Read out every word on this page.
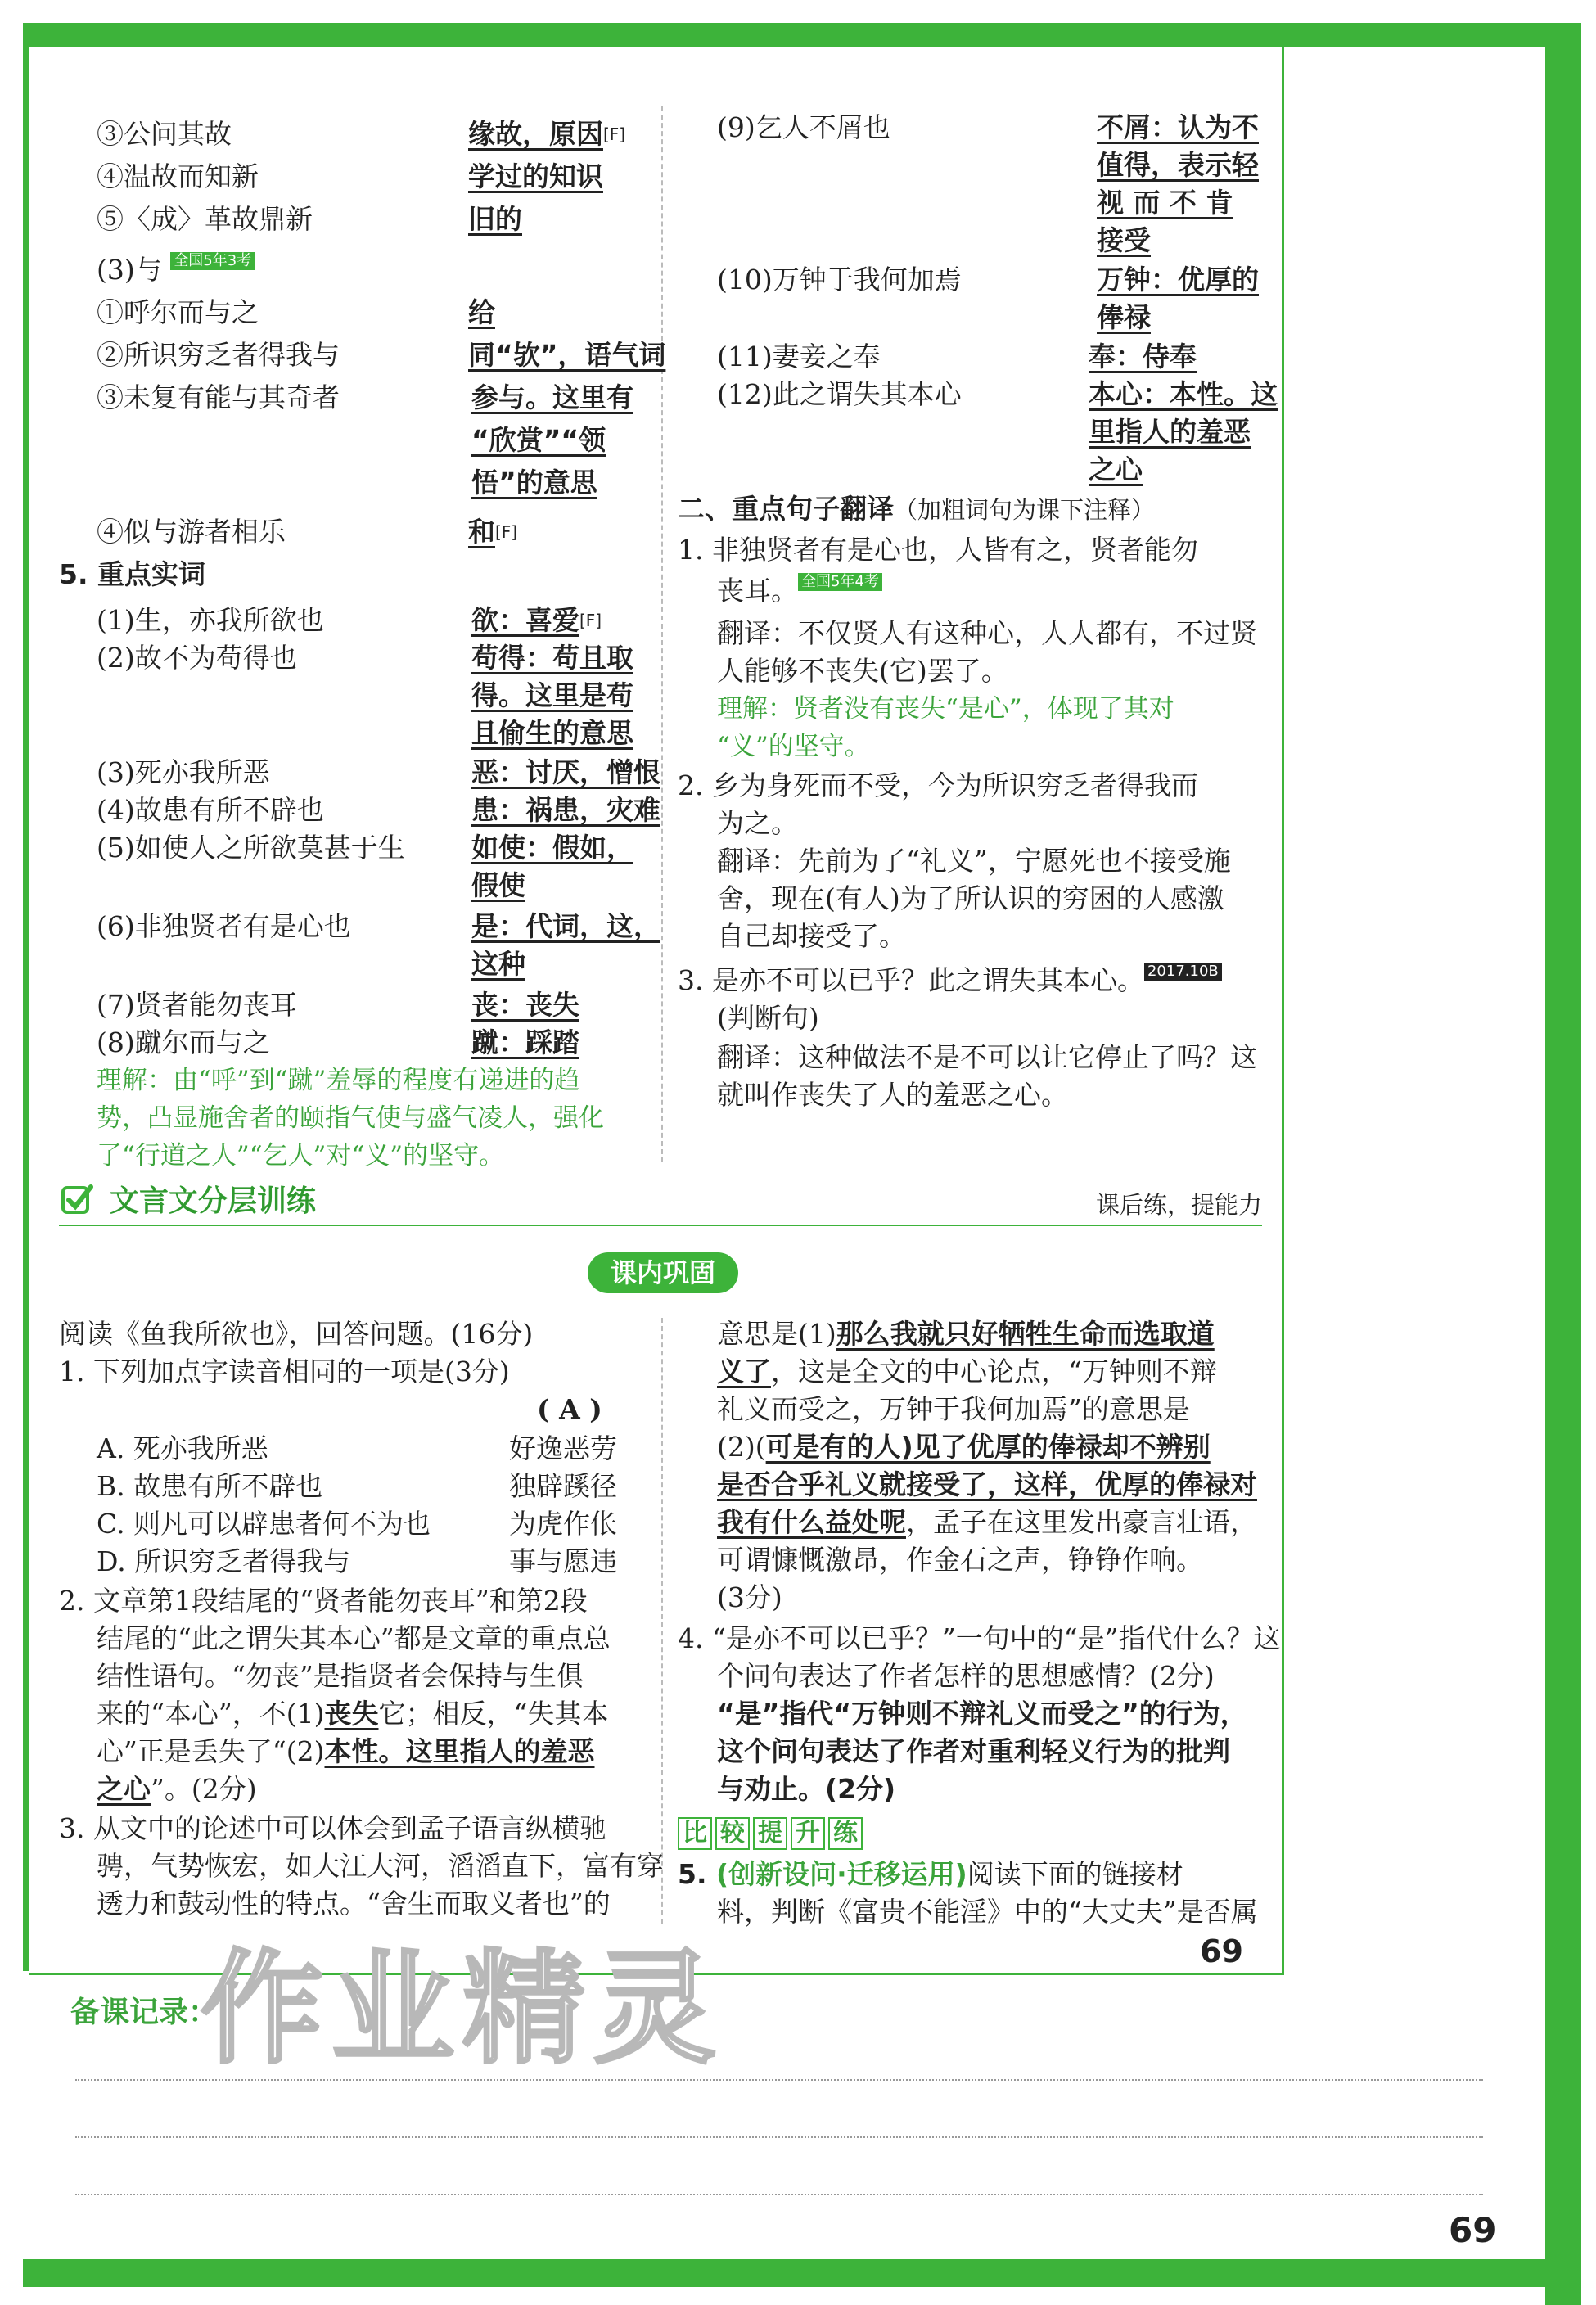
③公问其故	缘故，原因[F]
④温故而知新	学过的知识
⑤〈成〉革故鼎新	旧的
(3)与 全国5年3考
①呼尔而与之	给
②所识穷乏者得我与	同“欤”，语气词
③未复有能与其奇者	参与。这里有
“欣赏”“领
悟”的意思
④似与游者相乐	和[F]
5. 重点实词
(1)生，亦我所欲也	欲：喜爱[F]
(2)故不为苟得也	苟得：苟且取
得。这里是苟
且偷生的意思
(3)死亦我所恶	恶：讨厌，憎恨
(4)故患有所不辟也	患：祸患，灾难
(5)如使人之所欲莫甚于生 如使：假如，
假使
(6)非独贤者有是心也	是：代词，这，
这种
(7)贤者能勿丧耳	丧：丧失
(8)蹴尔而与之	蹴：踩踏
理解：由“呼”到“蹴”羞辱的程度有递进的趋
势，凸显施舍者的颐指气使与盛气凌人，强化
了“行道之人”“乞人”对“义”的坚守。
(9)乞人不屑也	不屑：认为不
值得，表示轻
视 而 不 肯
接受
(10)万钟于我何加焉	万钟：优厚的
俸禄
(11)妻妾之奉	奉：侍奉
(12)此之谓失其本心	本心：本性。这
里指人的羞恶
之心
二、重点句子翻译（加粗词句为课下注释）
1. 非独贤者有是心也，人皆有之，贤者能勿
丧耳。 全国5年4考
翻译：不仅贤人有这种心，人人都有，不过贤
人能够不丧失(它)罢了。
理解：贤者没有丧失“是心”，体现了其对
“义”的坚守。
2. 乡为身死而不受，今为所识穷乏者得我而
为之。
翻译：先前为了“礼义”，宁愿死也不接受施
舍，现在(有人)为了所认识的穷困的人感激
自己却接受了。
3. 是亦不可以已乎？此之谓失其本心。 2017.10B
(判断句)
翻译：这种做法不是不可以让它停止了吗？这
就叫作丧失了人的羞恶之心。
文言文分层训练	课后练，提能力
课内巩固
阅读《鱼我所欲也》，回答问题。(16分)
1. 下列加点字读音相同的一项是(3分)
( A )
A. 死亦我所恶	好逸恶劳
B. 故患有所不辟也	独辟蹊径
C. 则凡可以辟患者何不为也	为虎作伥
D. 所识穷乏者得我与	事与愿违
2. 文章第1段结尾的“贤者能勿丧耳”和第2段
结尾的“此之谓失其本心”都是文章的重点总
结性语句。“勿丧”是指贤者会保持与生俱
来的“本心”，不(1)丧失它；相反，“失其本
心”正是丢失了“(2)本性。这里指人的羞恶
之心”。(2分)
3. 从文中的论述中可以体会到孟子语言纵横驰
骋，气势恢宏，如大江大河，滔滔直下，富有穿
透力和鼓动性的特点。“舍生而取义者也”的
意思是(1)那么我就只好牺牲生命而选取道
义了，这是全文的中心论点，“万钟则不辩
礼义而受之，万钟于我何加焉”的意思是
(2)(可是有的人)见了优厚的俸禄却不辨别
是否合乎礼义就接受了，这样，优厚的俸禄对
我有什么益处呢，孟子在这里发出豪言壮语，
可谓慷慨激昂，作金石之声，铮铮作响。
(3分)
4. “是亦不可以已乎？”一句中的“是”指代什么？这
个问句表达了作者怎样的思想感情？(2分)
“是”指代“万钟则不辩礼义而受之”的行为，
这个问句表达了作者对重利轻义行为的批判
与劝止。(2分)
比 较 提 升 练
5. (创新设问·迁移运用)阅读下面的链接材
料，判断《富贵不能淫》中的“大丈夫”是否属
69
备课记录：
作业精灵
69
